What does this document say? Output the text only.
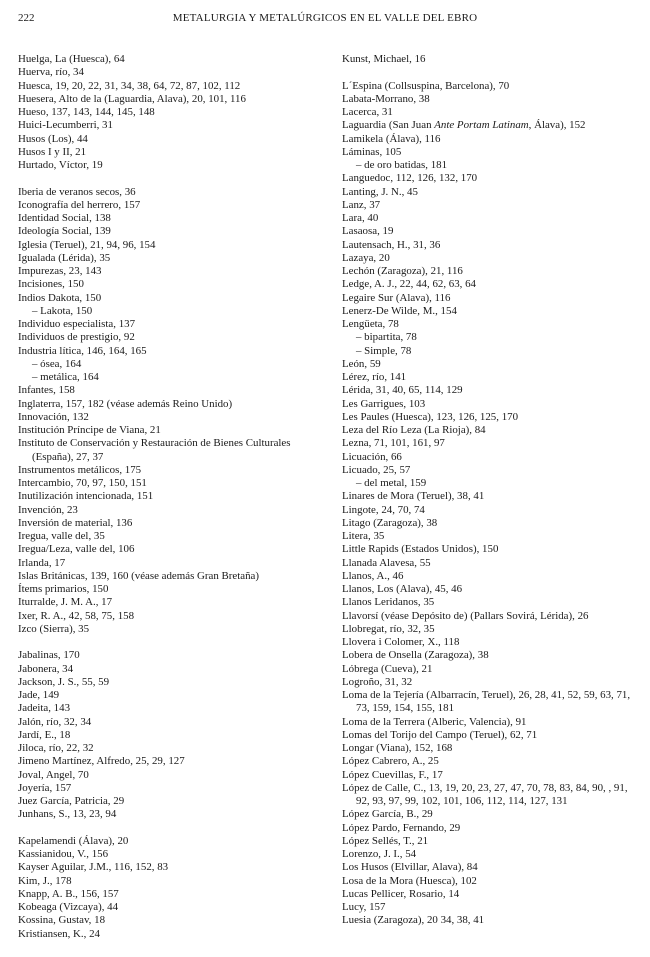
222	METALURGIA Y METALÚRGICOS EN EL VALLE DEL EBRO
Huelga, La (Huesca), 64
Huerva, río, 34
Huesca, 19, 20, 22, 31, 34, 38, 64, 72, 87, 102, 112
Huesera, Alto de la (Laguardia, Alava), 20, 101, 116
Hueso, 137, 143, 144, 145, 148
Huici-Lecumberri, 31
Husos (Los), 44
Husos I y II, 21
Hurtado, Víctor, 19
Iberia de veranos secos, 36
Iconografía del herrero, 157
Identidad Social, 138
Ideología Social, 139
Iglesia (Teruel), 21, 94, 96, 154
Igualada (Lérida), 35
Impurezas, 23, 143
Incisiones, 150
Indios Dakota, 150
– Lakota, 150
Individuo especialista, 137
Individuos de prestigio, 92
Industria lítica, 146, 164, 165
– ósea, 164
– metálica, 164
Infantes, 158
Inglaterra, 157, 182 (véase además Reino Unido)
Innovación, 132
Institución Príncipe de Viana, 21
Instituto de Conservación y Restauración de Bienes Culturales (España), 27, 37
Instrumentos metálicos, 175
Intercambio, 70, 97, 150, 151
Inutilización intencionada, 151
Invención, 23
Inversión de material, 136
Iregua, valle del, 35
Iregua/Leza, valle del, 106
Irlanda, 17
Islas Británicas, 139, 160 (véase además Gran Bretaña)
Ítems primarios, 150
Iturralde, J. M. A., 17
Ixer, R. A., 42, 58, 75, 158
Izco (Sierra), 35
Jabalinas, 170
Jabonera, 34
Jackson, J. S., 55, 59
Jade, 149
Jadeita, 143
Jalón, río, 32, 34
Jardí, E., 18
Jiloca, río, 22, 32
Jimeno Martínez, Alfredo, 25, 29, 127
Joval, Angel, 70
Joyería, 157
Juez García, Patricia, 29
Junhans, S., 13, 23, 94
Kapelamendi (Álava), 20
Kassianidou, V., 156
Kayser Aguilar, J.M., 116, 152, 83
Kim, J., 178
Knapp, A. B., 156, 157
Kobeaga (Vizcaya), 44
Kossina, Gustav, 18
Kristiansen, K., 24
Kunst, Michael, 16
L´Espina (Collsuspina, Barcelona), 70
Labata-Morrano, 38
Lacerca, 31
Laguardia (San Juan Ante Portam Latinam, Álava), 152
Lamikela (Álava), 116
Láminas, 105
– de oro batidas, 181
Languedoc, 112, 126, 132, 170
Lanting, J. N., 45
Lanz, 37
Lara, 40
Lasaosa, 19
Lautensach, H., 31, 36
Lazaya, 20
Lechón (Zaragoza), 21, 116
Ledge, A. J., 22, 44, 62, 63, 64
Legaire Sur (Alava), 116
Lenerz-De Wilde, M., 154
Lengüeta, 78
– bipartita, 78
– Simple, 78
León, 59
Lérez, río, 141
Lérida, 31, 40, 65, 114, 129
Les Garrigues, 103
Les Paules (Huesca), 123, 126, 125, 170
Leza del Río Leza (La Rioja), 84
Lezna, 71, 101, 161, 97
Licuación, 66
Licuado, 25, 57
– del metal, 159
Linares de Mora (Teruel), 38, 41
Lingote, 24, 70, 74
Litago (Zaragoza), 38
Litera, 35
Little Rapids (Estados Unidos), 150
Llanada Alavesa, 55
Llanos, A., 46
Llanos, Los (Alava), 45, 46
Llanos Leridanos, 35
Llavorsí (véase Depósito de) (Pallars Sovirá, Lérida), 26
Llobregat, río, 32, 35
Llovera i Colomer, X., 118
Lobera de Onsella (Zaragoza), 38
Lóbrega (Cueva), 21
Logroño, 31, 32
Loma de la Tejería (Albarracín, Teruel), 26, 28, 41, 52, 59, 63, 71, 73, 159, 154, 155, 181
Loma de la Terrera (Alberic, Valencia), 91
Lomas del Torijo del Campo (Teruel), 62, 71
Longar (Viana), 152, 168
López Cabrero, A., 25
López Cuevillas, F., 17
López de Calle, C., 13, 19, 20, 23, 27, 47, 70, 78, 83, 84, 90, , 91, 92, 93, 97, 99, 102, 101, 106, 112, 114, 127, 131
López García, B., 29
López Pardo, Fernando, 29
López Sellés, T., 21
Lorenzo, J. I., 54
Los Husos (Elvillar, Alava), 84
Losa de la Mora (Huesca), 102
Lucas Pellicer, Rosario, 14
Lucy, 157
Luesia (Zaragoza), 20 34, 38, 41
